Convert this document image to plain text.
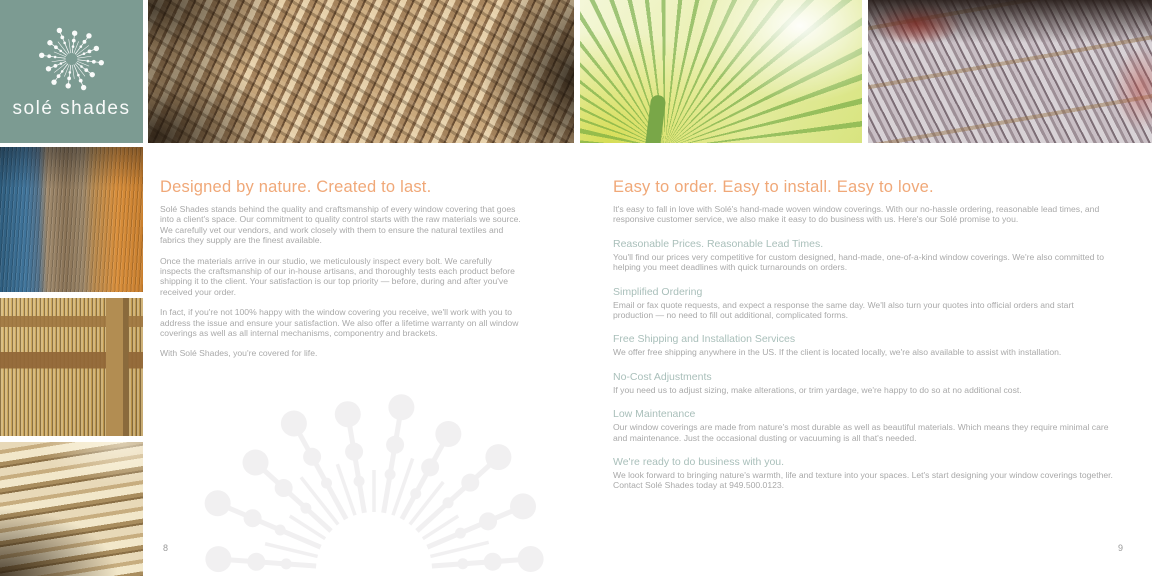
solé shades
Designed by nature. Created to last.

Solé Shades stands behind the quality and craftsmanship of every window covering that goes into a client's space. Our commitment to quality control starts with the raw materials we source. We carefully vet our vendors, and work closely with them to ensure the natural textiles and fabrics they supply are the finest available.

Once the materials arrive in our studio, we meticulously inspect every bolt. We carefully inspects the craftsmanship of our in-house artisans, and thoroughly tests each product before shipping it to the client. Your satisfaction is our top priority — before, during and after you've received your order.

In fact, if you're not 100% happy with the window covering you receive, we'll work with you to address the issue and ensure your satisfaction. We also offer a lifetime warranty on all window coverings as well as all internal mechanisms, componentry and brackets.

With Solé Shades, you're covered for life.

Easy to order. Easy to install. Easy to love.

It's easy to fall in love with Solé's hand-made woven window coverings. With our no-hassle ordering, reasonable lead times, and responsive customer service, we also make it easy to do business with us. Here's our Solé promise to you.

Reasonable Prices. Reasonable Lead Times.

You'll find our prices very competitive for custom designed, hand-made, one-of-a-kind window coverings. We're also committed to helping you meet deadlines with quick turnarounds on orders.

Simplified Ordering

Email or fax quote requests, and expect a response the same day. We'll also turn your quotes into official orders and start production — no need to fill out additional, complicated forms.

Free Shipping and Installation Services

We offer free shipping anywhere in the US. If the client is located locally, we're also available to assist with installation.

No-Cost Adjustments

If you need us to adjust sizing, make alterations, or trim yardage, we're happy to do so at no additional cost.

Low Maintenance

Our window coverings are made from nature's most durable as well as beautiful materials. Which means they require minimal care and maintenance. Just the occasional dusting or vacuuming is all that's needed.

We're ready to do business with you.

We look forward to bringing nature's warmth, life and texture into your spaces. Let's start designing your window coverings together. Contact Solé Shades today at 949.500.0123.

8	9
